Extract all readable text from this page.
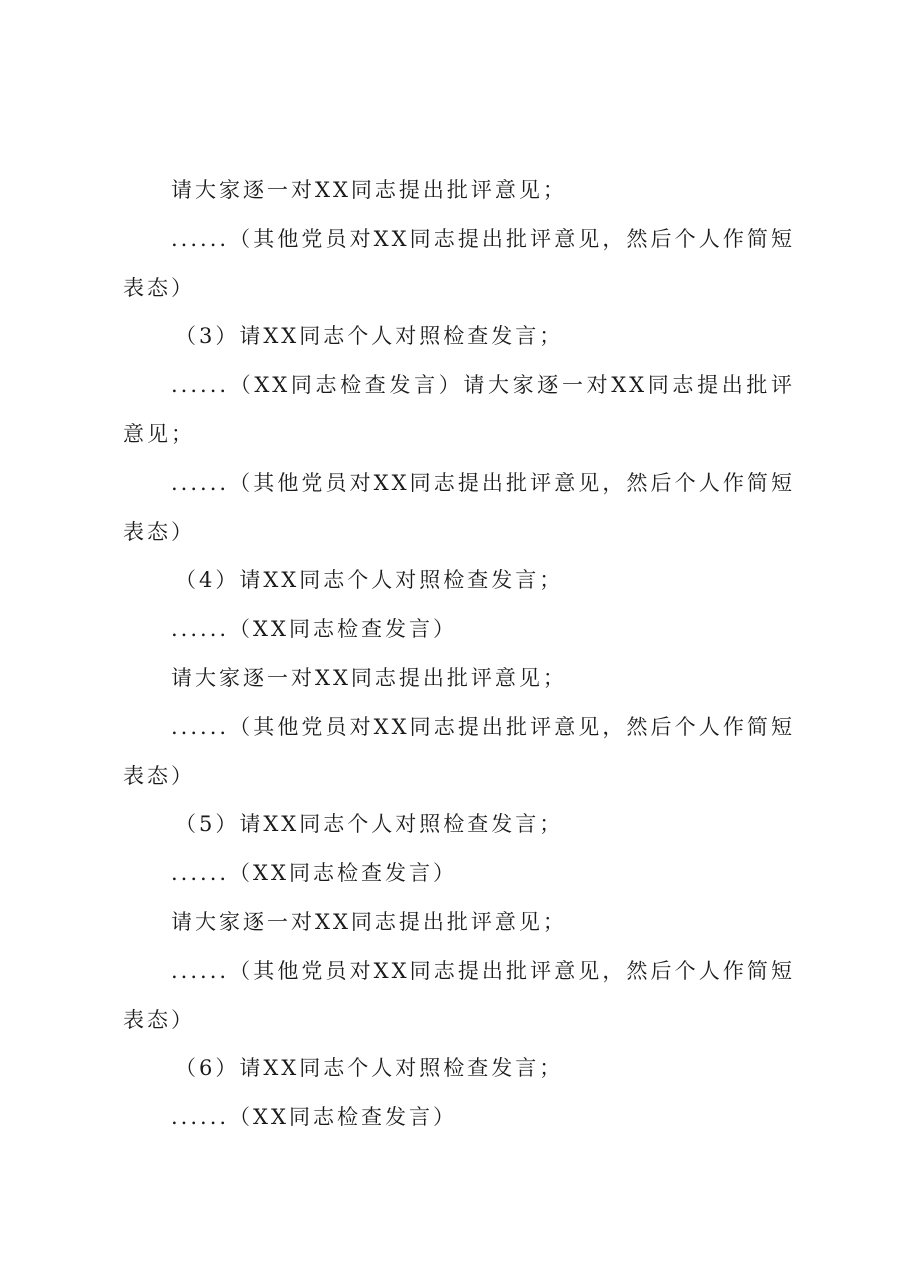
请大家逐一对XX同志提出批评意见；

......（其他党员对XX同志提出批评意见，然后个人作简短表态）

（3）请XX同志个人对照检查发言；

......（XX同志检查发言）请大家逐一对XX同志提出批评意见；

......（其他党员对XX同志提出批评意见，然后个人作简短表态）

（4）请XX同志个人对照检查发言；

......（XX同志检查发言）

请大家逐一对XX同志提出批评意见；

......（其他党员对XX同志提出批评意见，然后个人作简短表态）

（5）请XX同志个人对照检查发言；

......（XX同志检查发言）

请大家逐一对XX同志提出批评意见；

......（其他党员对XX同志提出批评意见，然后个人作简短表态）

（6）请XX同志个人对照检查发言；

......（XX同志检查发言）
